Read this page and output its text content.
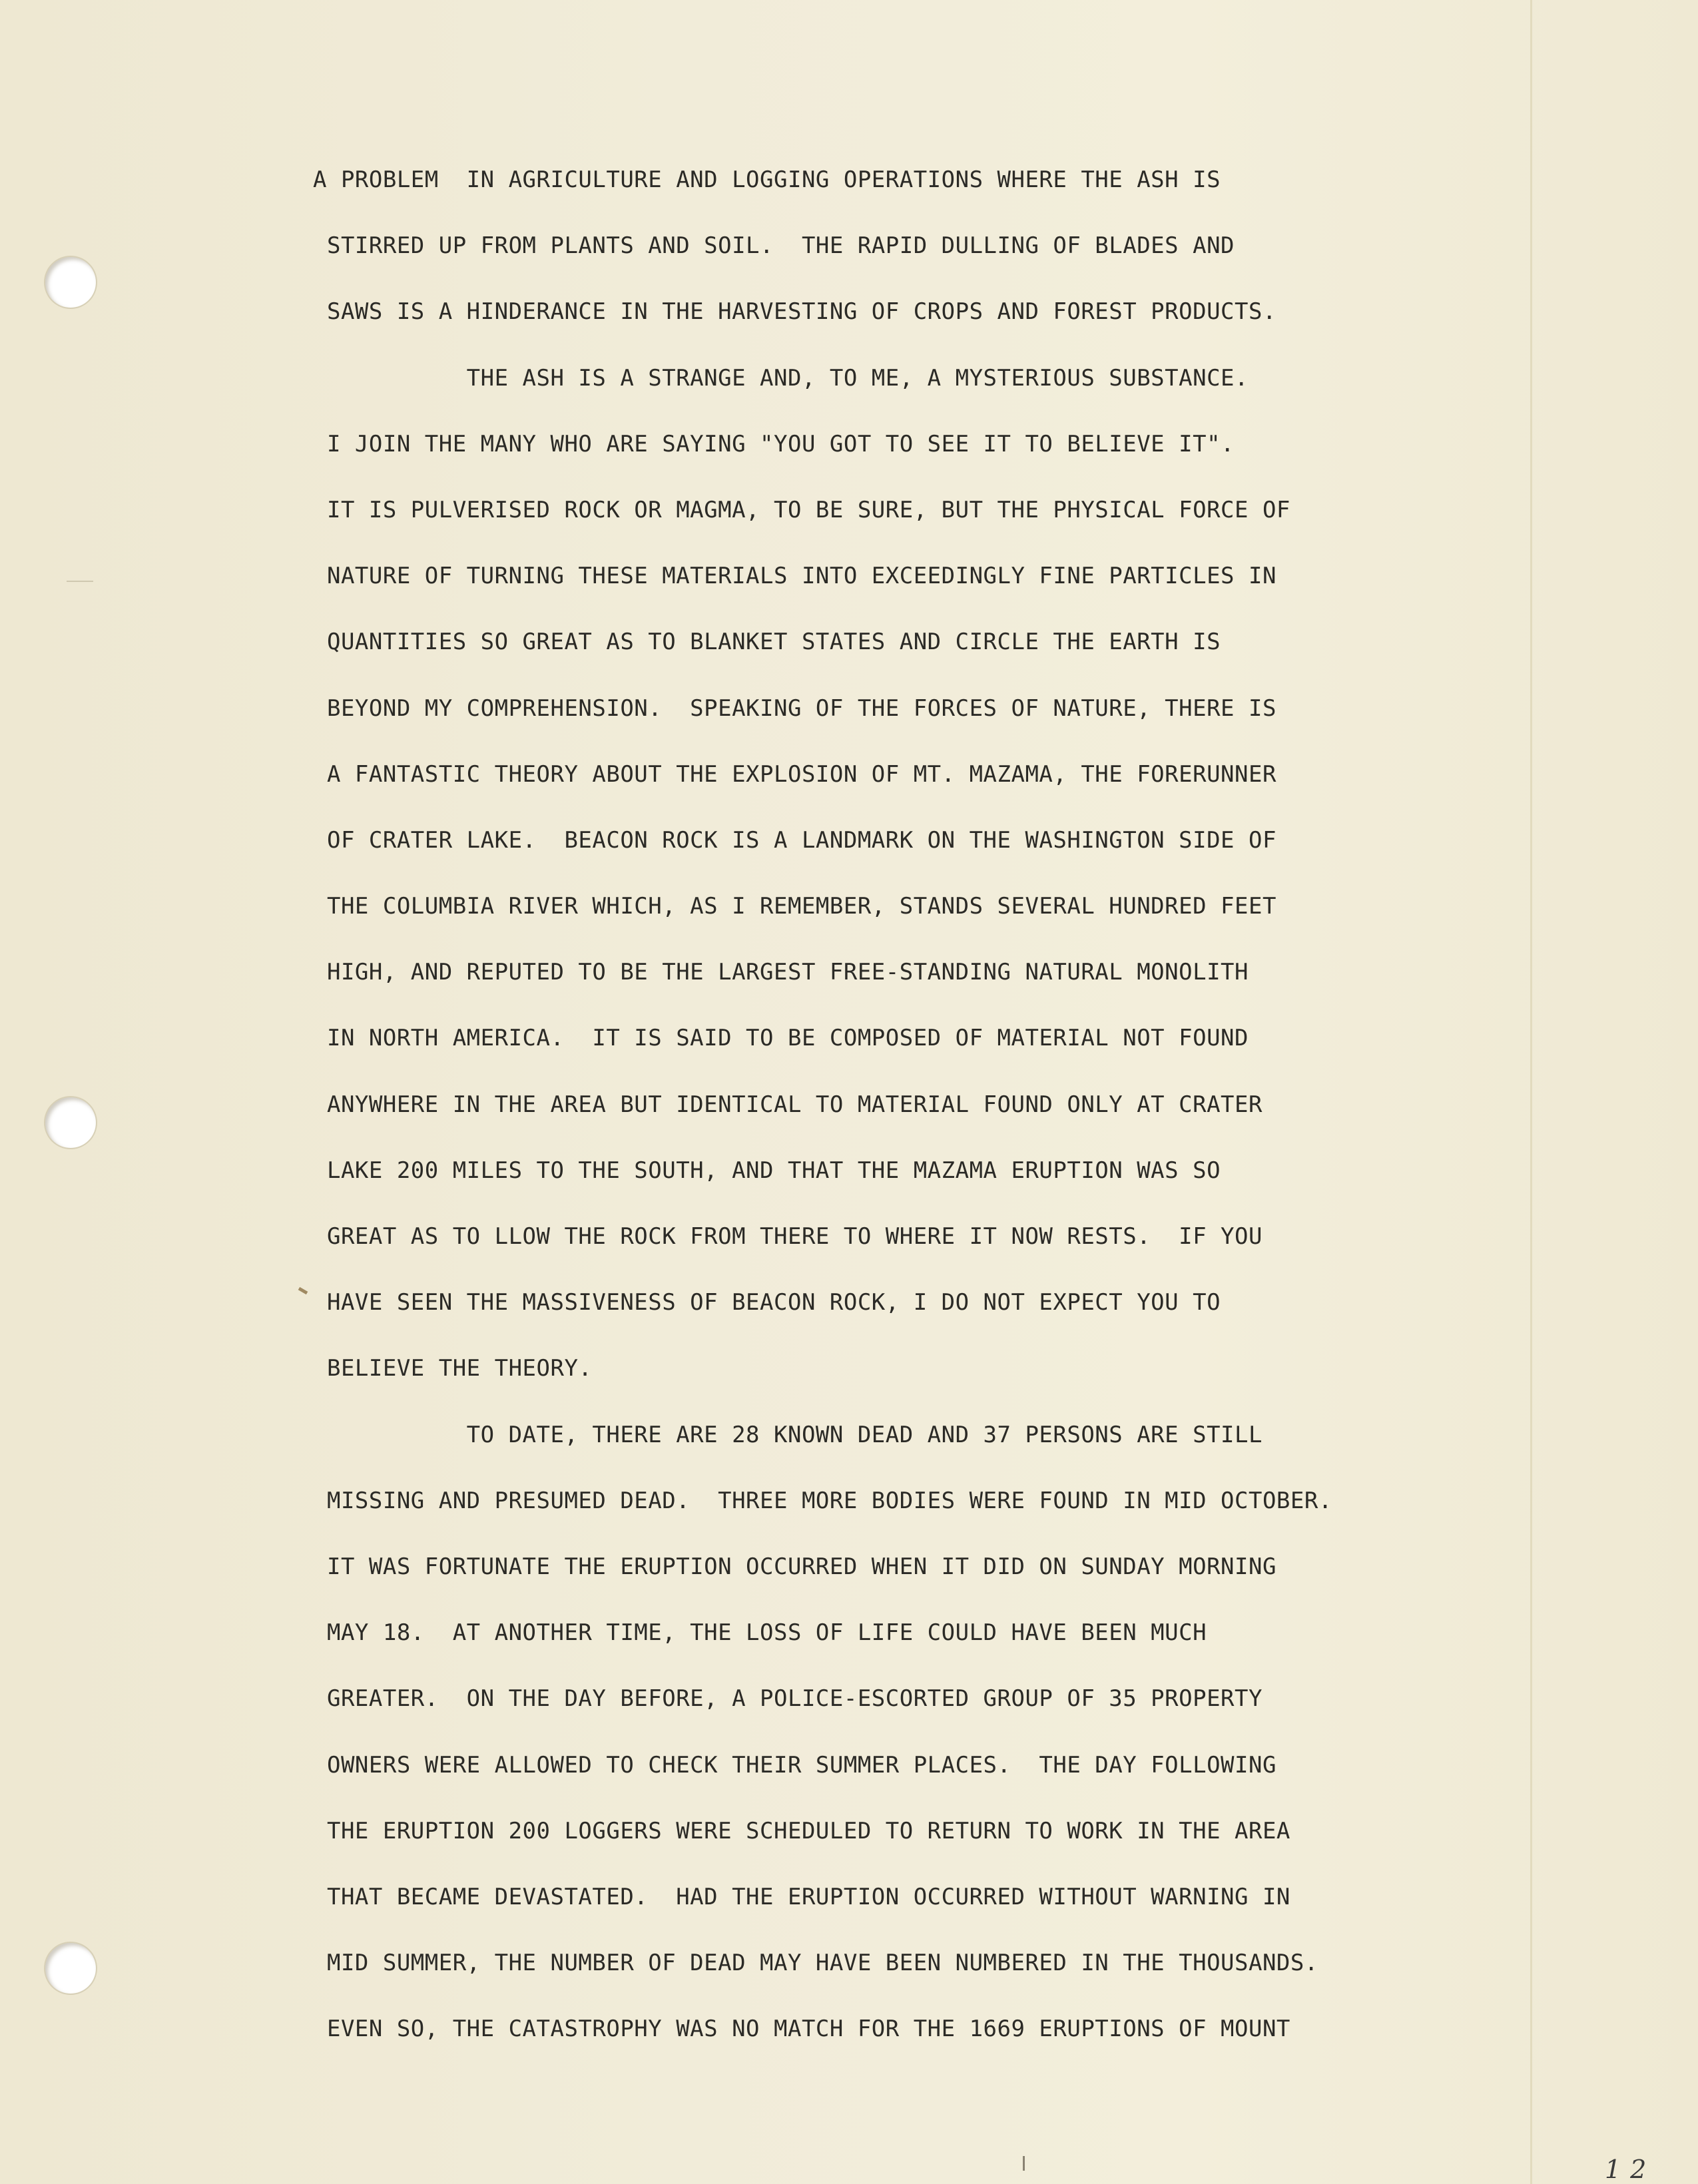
A PROBLEM  IN AGRICULTURE AND LOGGING OPERATIONS WHERE THE ASH IS
STIRRED UP FROM PLANTS AND SOIL.  THE RAPID DULLING OF BLADES AND
SAWS IS A HINDERANCE IN THE HARVESTING OF CROPS AND FOREST PRODUCTS.
THE ASH IS A STRANGE AND, TO ME, A MYSTERIOUS SUBSTANCE.
I JOIN THE MANY WHO ARE SAYING "YOU GOT TO SEE IT TO BELIEVE IT".
IT IS PULVERISED ROCK OR MAGMA, TO BE SURE, BUT THE PHYSICAL FORCE OF
NATURE OF TURNING THESE MATERIALS INTO EXCEEDINGLY FINE PARTICLES IN
QUANTITIES SO GREAT AS TO BLANKET STATES AND CIRCLE THE EARTH IS
BEYOND MY COMPREHENSION.  SPEAKING OF THE FORCES OF NATURE, THERE IS
A FANTASTIC THEORY ABOUT THE EXPLOSION OF MT. MAZAMA, THE FORERUNNER
OF CRATER LAKE.  BEACON ROCK IS A LANDMARK ON THE WASHINGTON SIDE OF
THE COLUMBIA RIVER WHICH, AS I REMEMBER, STANDS SEVERAL HUNDRED FEET
HIGH, AND REPUTED TO BE THE LARGEST FREE-STANDING NATURAL MONOLITH
IN NORTH AMERICA.  IT IS SAID TO BE COMPOSED OF MATERIAL NOT FOUND
ANYWHERE IN THE AREA BUT IDENTICAL TO MATERIAL FOUND ONLY AT CRATER
LAKE 200 MILES TO THE SOUTH, AND THAT THE MAZAMA ERUPTION WAS SO
GREAT AS TO LLOW THE ROCK FROM THERE TO WHERE IT NOW RESTS.  IF YOU
HAVE SEEN THE MASSIVENESS OF BEACON ROCK, I DO NOT EXPECT YOU TO
BELIEVE THE THEORY.
TO DATE, THERE ARE 28 KNOWN DEAD AND 37 PERSONS ARE STILL
MISSING AND PRESUMED DEAD.  THREE MORE BODIES WERE FOUND IN MID OCTOBER.
IT WAS FORTUNATE THE ERUPTION OCCURRED WHEN IT DID ON SUNDAY MORNING
MAY 18.  AT ANOTHER TIME, THE LOSS OF LIFE COULD HAVE BEEN MUCH
GREATER.  ON THE DAY BEFORE, A POLICE-ESCORTED GROUP OF 35 PROPERTY
OWNERS WERE ALLOWED TO CHECK THEIR SUMMER PLACES.  THE DAY FOLLOWING
THE ERUPTION 200 LOGGERS WERE SCHEDULED TO RETURN TO WORK IN THE AREA
THAT BECAME DEVASTATED.  HAD THE ERUPTION OCCURRED WITHOUT WARNING IN
MID SUMMER, THE NUMBER OF DEAD MAY HAVE BEEN NUMBERED IN THE THOUSANDS.
EVEN SO, THE CATASTROPHY WAS NO MATCH FOR THE 1669 ERUPTIONS OF MOUNT
12
